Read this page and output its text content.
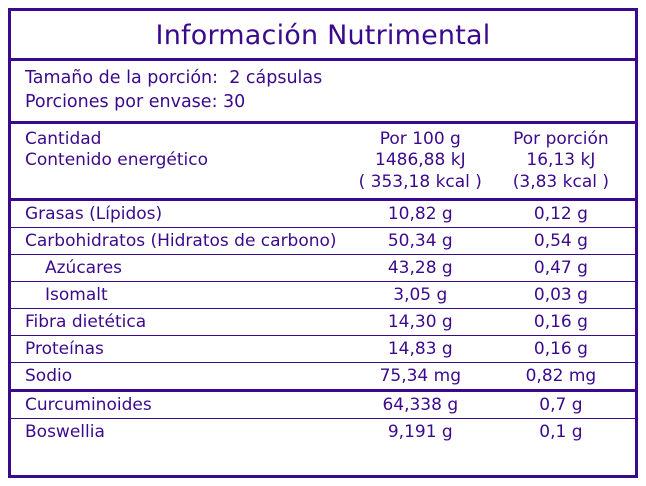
Información Nutrimental
Tamaño de la porción: 2 cápsulas
Porciones por envase: 30
Cantidad	Por 100 g	Por porción
Contenido energético	1486,88 kJ	16,13 kJ
	( 353,18 kcal )	(3,83 kcal )
Grasas (Lípidos)	10,82 g	0,12 g
Carbohidratos (Hidratos de carbono)	50,34 g	0,54 g
Azúcares	43,28 g	0,47 g
Isomalt	3,05 g	0,03 g
Fibra dietética	14,30 g	0,16 g
Proteínas	14,83 g	0,16 g
Sodio	75,34 mg	0,82 mg
Curcuminoides	64,338 g	0,7 g
Boswellia	9,191 g	0,1 g
